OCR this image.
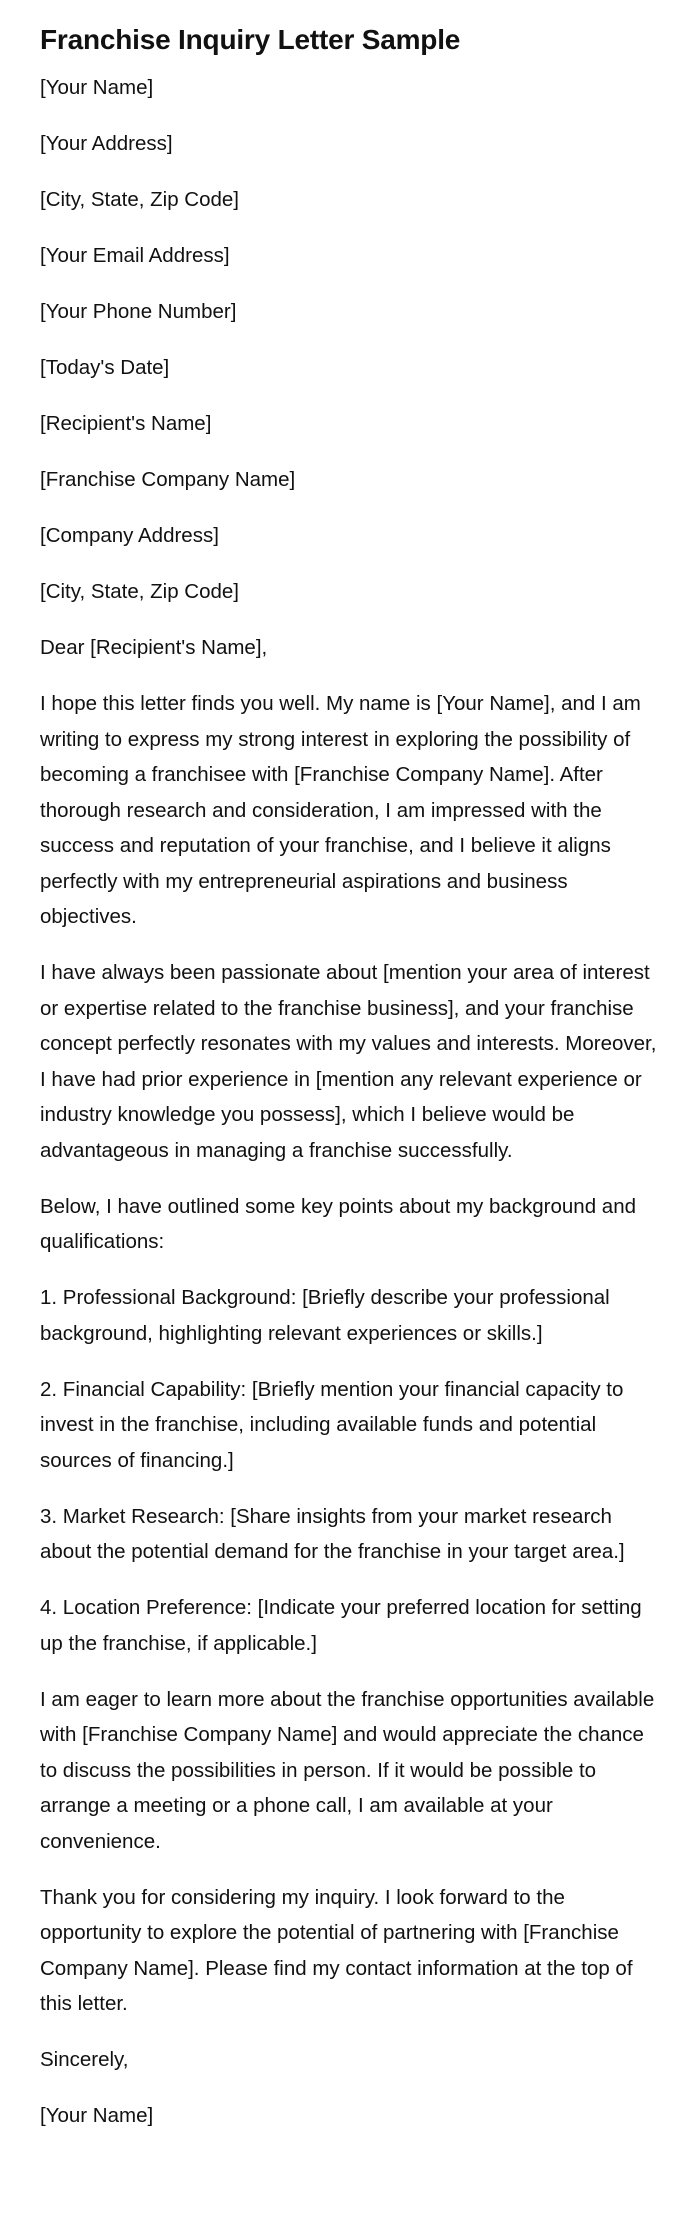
Franchise Inquiry Letter Sample
[Your Name]
[Your Address]
[City, State, Zip Code]
[Your Email Address]
[Your Phone Number]
[Today's Date]
[Recipient's Name]
[Franchise Company Name]
[Company Address]
[City, State, Zip Code]
Dear [Recipient's Name],

I hope this letter finds you well. My name is [Your Name], and I am writing to express my strong interest in exploring the possibility of becoming a franchisee with [Franchise Company Name]. After thorough research and consideration, I am impressed with the success and reputation of your franchise, and I believe it aligns perfectly with my entrepreneurial aspirations and business objectives.

I have always been passionate about [mention your area of interest or expertise related to the franchise business], and your franchise concept perfectly resonates with my values and interests. Moreover, I have had prior experience in [mention any relevant experience or industry knowledge you possess], which I believe would be advantageous in managing a franchise successfully.

Below, I have outlined some key points about my background and qualifications:

1. Professional Background: [Briefly describe your professional background, highlighting relevant experiences or skills.]

2. Financial Capability: [Briefly mention your financial capacity to invest in the franchise, including available funds and potential sources of financing.]

3. Market Research: [Share insights from your market research about the potential demand for the franchise in your target area.]

4. Location Preference: [Indicate your preferred location for setting up the franchise, if applicable.]

I am eager to learn more about the franchise opportunities available with [Franchise Company Name] and would appreciate the chance to discuss the possibilities in person. If it would be possible to arrange a meeting or a phone call, I am available at your convenience.

Thank you for considering my inquiry. I look forward to the opportunity to explore the potential of partnering with [Franchise Company Name]. Please find my contact information at the top of this letter.

Sincerely,
[Your Name]
